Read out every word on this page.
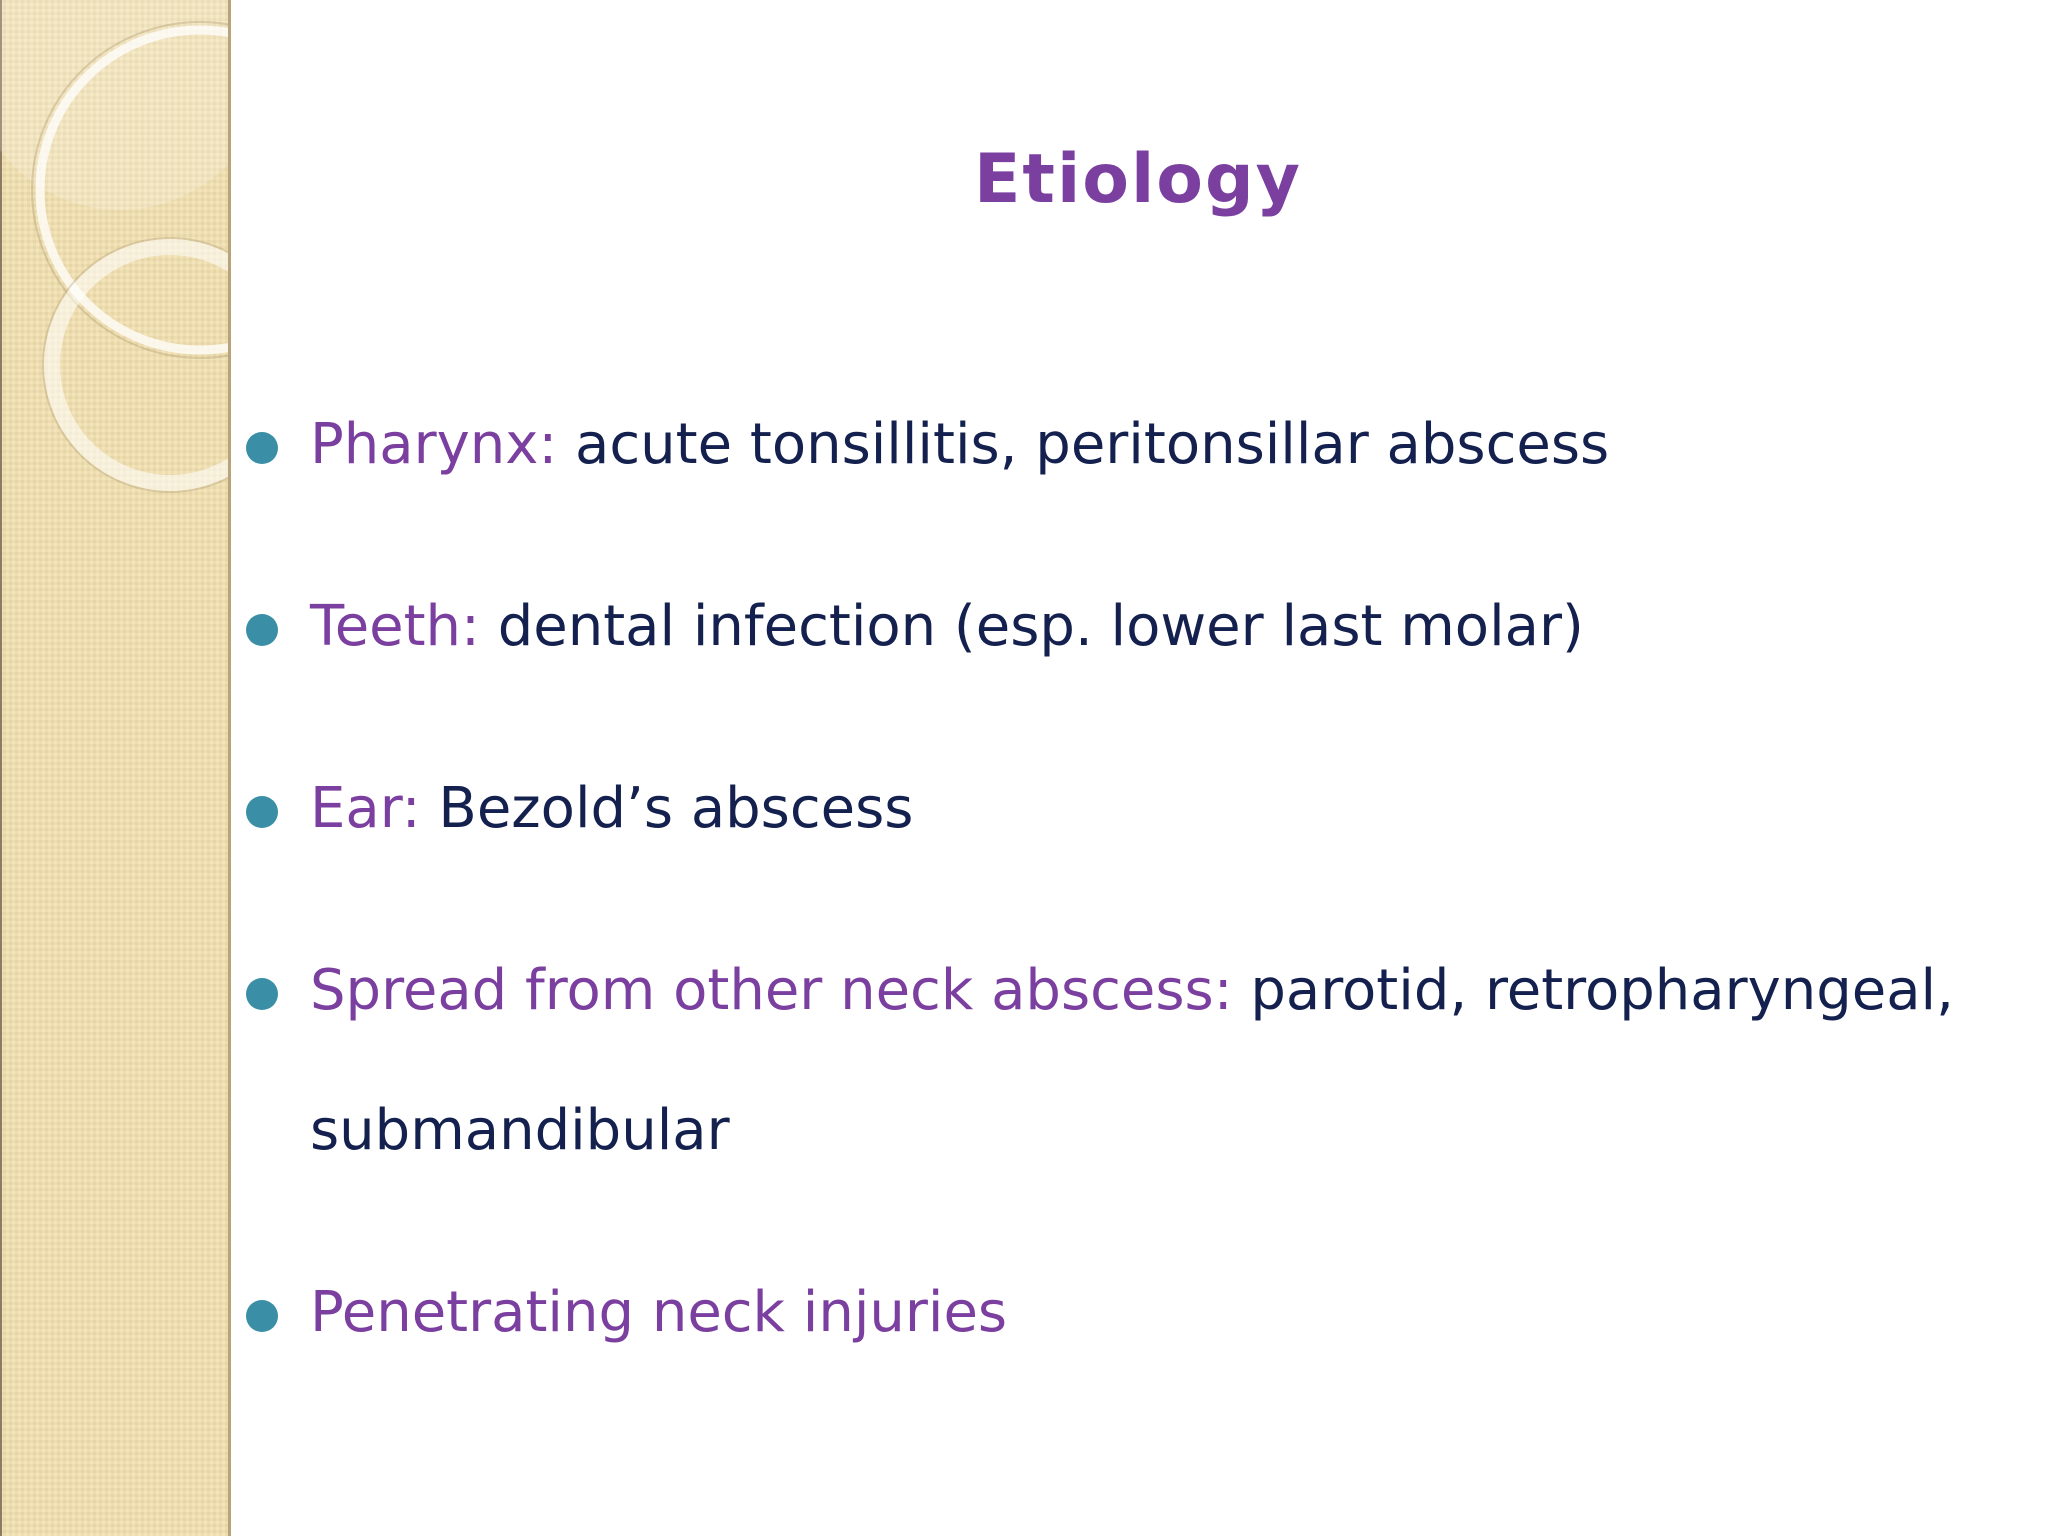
Etiology
Pharynx: acute tonsillitis, peritonsillar abscess
Teeth: dental infection (esp. lower last molar)
Ear: Bezold’s abscess
Spread from other neck abscess: parotid, retropharyngeal, submandibular
Penetrating neck injuries
